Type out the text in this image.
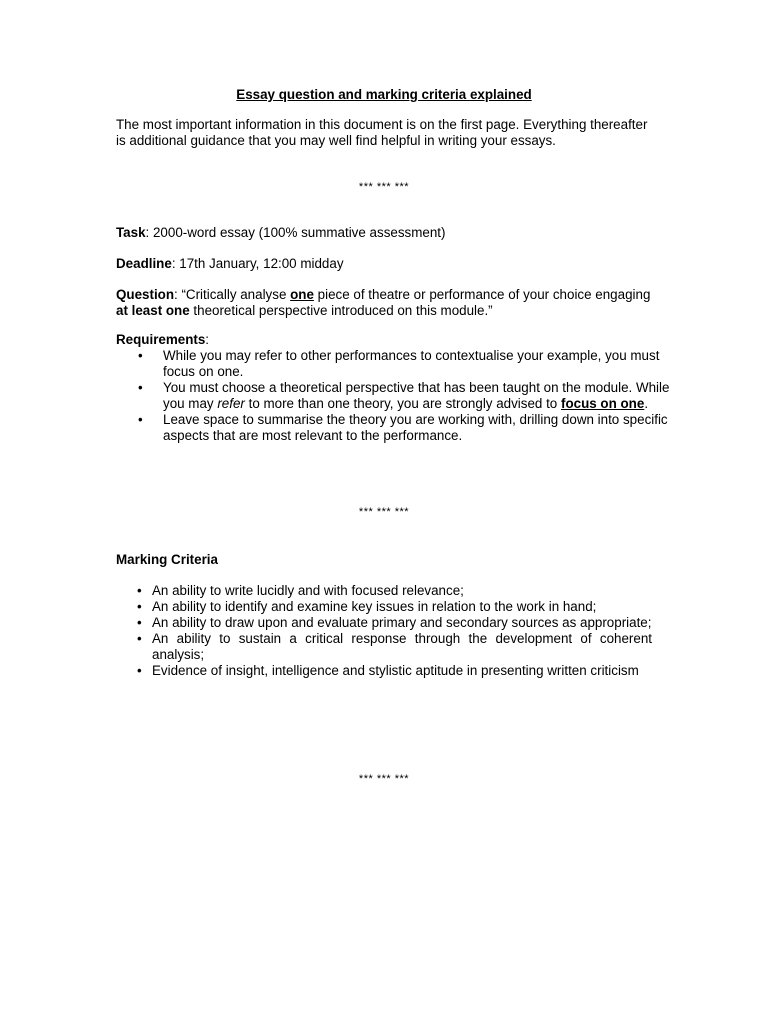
Essay question and marking criteria explained

The most important information in this document is on the first page. Everything thereafter is additional guidance that you may well find helpful in writing your essays.

*** *** ***

Task: 2000-word essay (100% summative assessment)

Deadline: 17th January, 12:00 midday

Question: “Critically analyse one piece of theatre or performance of your choice engaging at least one theoretical perspective introduced on this module.”

Requirements:

• While you may refer to other performances to contextualise your example, you must focus on one.
• You must choose a theoretical perspective that has been taught on the module. While you may refer to more than one theory, you are strongly advised to focus on one.
• Leave space to summarise the theory you are working with, drilling down into specific aspects that are most relevant to the performance.

*** *** ***

Marking Criteria

• An ability to write lucidly and with focused relevance;
• An ability to identify and examine key issues in relation to the work in hand;
• An ability to draw upon and evaluate primary and secondary sources as appropriate;
• An ability to sustain a critical response through the development of coherent analysis;
• Evidence of insight, intelligence and stylistic aptitude in presenting written criticism

*** *** ***
